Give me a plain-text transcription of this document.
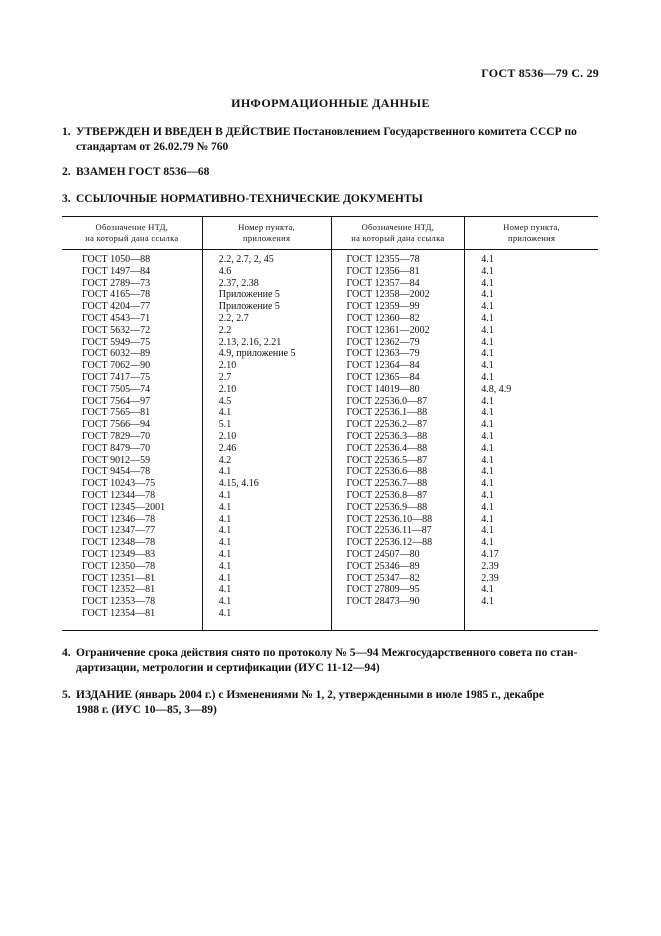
ГОСТ 8536—79 С. 29
ИНФОРМАЦИОННЫЕ ДАННЫЕ
1. УТВЕРЖДЕН И ВВЕДЕН В ДЕЙСТВИЕ Постановлением Государственного комитета СССР по
стандартам от 26.02.79 № 760
2. ВЗАМЕН ГОСТ 8536—68
3. ССЫЛОЧНЫЕ НОРМАТИВНО-ТЕХНИЧЕСКИЕ ДОКУМЕНТЫ
Обозначение НТД,
на который дана ссылка
Номер пункта,
приложения
Обозначение НТД,
на который дана ссылка
Номер пункта,
приложения
ГОСТ 1050—88
ГОСТ 1497—84
ГОСТ 2789—73
ГОСТ 4165—78
ГОСТ 4204—77
ГОСТ 4543—71
ГОСТ 5632—72
ГОСТ 5949—75
ГОСТ 6032—89
ГОСТ 7062—90
ГОСТ 7417—75
ГОСТ 7505—74
ГОСТ 7564—97
ГОСТ 7565—81
ГОСТ 7566—94
ГОСТ 7829—70
ГОСТ 8479—70
ГОСТ 9012—59
ГОСТ 9454—78
ГОСТ 10243—75
ГОСТ 12344—78
ГОСТ 12345—2001
ГОСТ 12346—78
ГОСТ 12347—77
ГОСТ 12348—78
ГОСТ 12349—83
ГОСТ 12350—78
ГОСТ 12351—81
ГОСТ 12352—81
ГОСТ 12353—78
ГОСТ 12354—81
2.2, 2.7, 2, 45
4.6
2.37, 2.38
Приложение 5
Приложение 5
2.2, 2.7
2.2
2.13, 2.16, 2.21
4.9, приложение 5
2.10
2.7
2.10
4.5
4.1
5.1
2.10
2.46
4.2
4.1
4.15, 4.16
4.1
4.1
4.1
4.1
4.1
4.1
4.1
4.1
4.1
4.1
4.1
ГОСТ 12355—78
ГОСТ 12356—81
ГОСТ 12357—84
ГОСТ 12358—2002
ГОСТ 12359—99
ГОСТ 12360—82
ГОСТ 12361—2002
ГОСТ 12362—79
ГОСТ 12363—79
ГОСТ 12364—84
ГОСТ 12365—84
ГОСТ 14019—80
ГОСТ 22536.0—87
ГОСТ 22536.1—88
ГОСТ 22536.2—87
ГОСТ 22536.3—88
ГОСТ 22536.4—88
ГОСТ 22536.5—87
ГОСТ 22536.6—88
ГОСТ 22536.7—88
ГОСТ 22536.8—87
ГОСТ 22536.9—88
ГОСТ 22536.10—88
ГОСТ 22536.11—87
ГОСТ 22536.12—88
ГОСТ 24507—80
ГОСТ 25346—89
ГОСТ 25347—82
ГОСТ 27809—95
ГОСТ 28473—90
4.1
4.1
4.1
4.1
4.1
4.1
4.1
4.1
4.1
4.1
4.1
4.8, 4.9
4.1
4.1
4.1
4.1
4.1
4.1
4.1
4.1
4.1
4.1
4.1
4.1
4.1
4.17
2.39
2.39
4.1
4.1
4. Ограничение срока действия снято по протоколу № 5—94 Межгосударственного совета по стан-
дартизации, метрологии и сертификации (ИУС 11-12—94)
5. ИЗДАНИЕ (январь 2004 г.) с Изменениями № 1, 2, утвержденными в июле 1985 г., декабре
1988 г. (ИУС 10—85, 3—89)
